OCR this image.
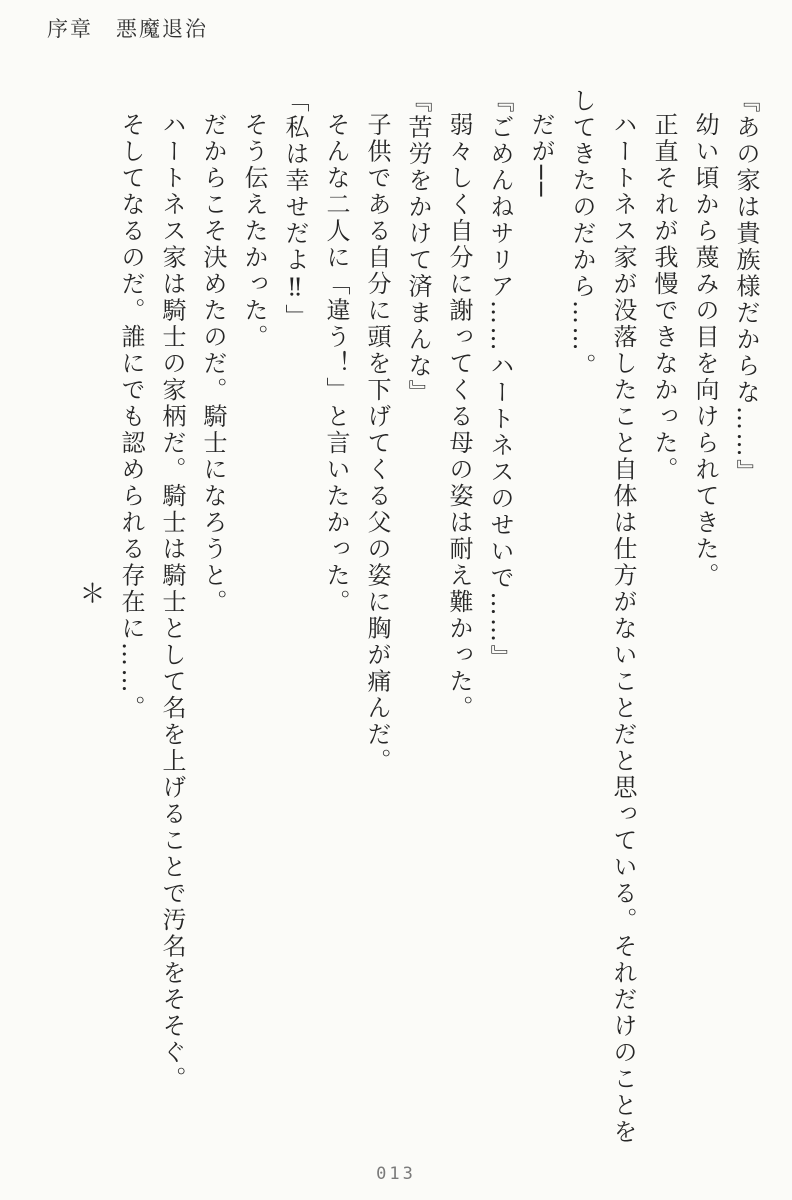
序章　悪魔退治

『あの家は貴族様だからな……』

幼い頃から蔑みの目を向けられてきた。

正直それが我慢できなかった。

ハートネス家が没落したこと自体は仕方がないことだと思っている。それだけのことを

してきたのだから……。

だが──

『ごめんねサリア……ハートネスのせいで……』

弱々しく自分に謝ってくる母の姿は耐え難かった。

『苦労をかけて済まんな』

子供である自分に頭を下げてくる父の姿に胸が痛んだ。

そんな二人に「違う！」と言いたかった。

「私は幸せだよ‼」

そう伝えたかった。

だからこそ決めたのだ。騎士になろうと。

ハートネス家は騎士の家柄だ。騎士は騎士として名を上げることで汚名をそそぐ。

そしてなるのだ。誰にでも認められる存在に……。

＊

013
